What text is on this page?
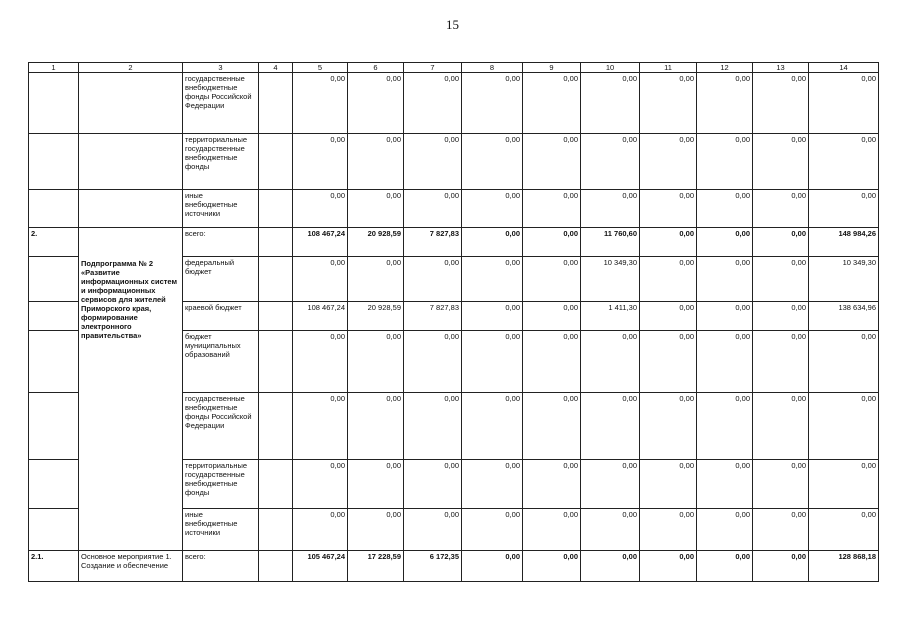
15
1	2	3	4	5	6	7	8	9	10	11	12	13	14
		государственные внебюджетные фонды Российской Федерации		0,00	0,00	0,00	0,00	0,00	0,00	0,00	0,00	0,00	0,00
		территориальные государственные внебюджетные фонды		0,00	0,00	0,00	0,00	0,00	0,00	0,00	0,00	0,00	0,00
		иные внебюджетные источники		0,00	0,00	0,00	0,00	0,00	0,00	0,00	0,00	0,00	0,00
2.	Подпрограмма № 2 «Развитие информационных систем и информационных сервисов для жителей Приморского края, формирование электронного правительства»	всего:		108 467,24	20 928,59	7 827,83	0,00	0,00	11 760,60	0,00	0,00	0,00	148 984,26
		федеральный бюджет		0,00	0,00	0,00	0,00	0,00	10 349,30	0,00	0,00	0,00	10 349,30
		краевой бюджет		108 467,24	20 928,59	7 827,83	0,00	0,00	1 411,30	0,00	0,00	0,00	138 634,96
		бюджет муниципальных образований		0,00	0,00	0,00	0,00	0,00	0,00	0,00	0,00	0,00	0,00
		государственные внебюджетные фонды Российской Федерации		0,00	0,00	0,00	0,00	0,00	0,00	0,00	0,00	0,00	0,00
		территориальные государственные внебюджетные фонды		0,00	0,00	0,00	0,00	0,00	0,00	0,00	0,00	0,00	0,00
		иные внебюджетные источники		0,00	0,00	0,00	0,00	0,00	0,00	0,00	0,00	0,00	0,00
2.1.	Основное мероприятие 1. Создание и обеспечение	всего:		105 467,24	17 228,59	6 172,35	0,00	0,00	0,00	0,00	0,00	0,00	128 868,18
